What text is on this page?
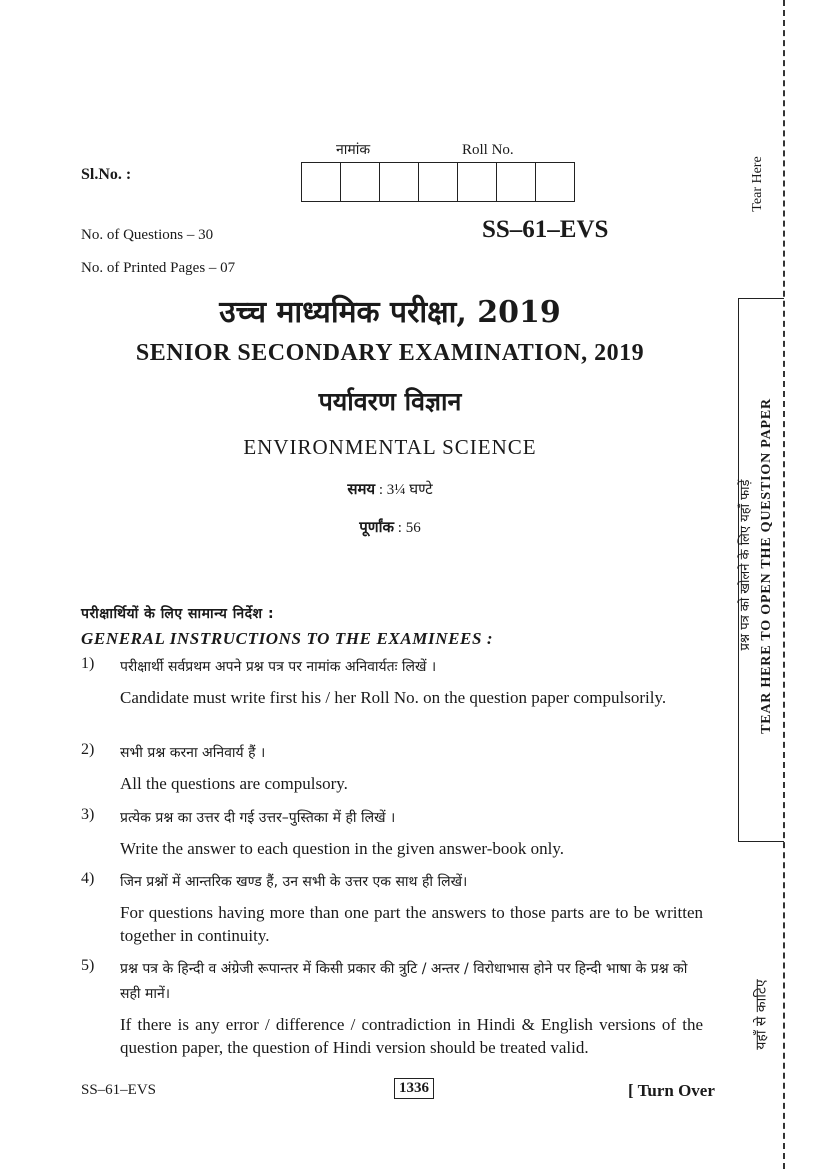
Sl.No. :
नामांक	Roll No.
No. of Questions – 30
No. of Printed Pages – 07
SS–61–EVS
उच्च माध्यमिक परीक्षा, 2019
SENIOR SECONDARY EXAMINATION, 2019
पर्यावरण विज्ञान
ENVIRONMENTAL SCIENCE
समय : 3¼ घण्टे
पूर्णांक : 56
परीक्षार्थियों के लिए सामान्य निर्देश :
GENERAL INSTRUCTIONS TO THE EXAMINEES :
1) परीक्षार्थी सर्वप्रथम अपने प्रश्न पत्र पर नामांक अनिवार्यतः लिखें ।
Candidate must write first his / her Roll No. on the question paper compulsorily.
2) सभी प्रश्न करना अनिवार्य हैं ।
All the questions are compulsory.
3) प्रत्येक प्रश्न का उत्तर दी गई उत्तर–पुस्तिका में ही लिखें ।
Write the answer to each question in the given answer-book only.
4) जिन प्रश्नों में आन्तरिक खण्ड हैं, उन सभी के उत्तर एक साथ ही लिखें।
For questions having more than one part the answers to those parts are to be written together in continuity.
5) प्रश्न पत्र के हिन्दी व अंग्रेजी रूपान्तर में किसी प्रकार की त्रुटि / अन्तर / विरोधाभास होने पर हिन्दी भाषा के प्रश्न को सही मानें।
If there is any error / difference / contradiction in Hindi & English versions of the question paper, the question of Hindi version should be treated valid.
SS–61–EVS	1336	[ Turn Over
Tear Here
प्रश्न पत्र को खोलने के लिए यहाँ फाड़ें TEAR HERE TO OPEN THE QUESTION PAPER
यहाँ से काटिए
